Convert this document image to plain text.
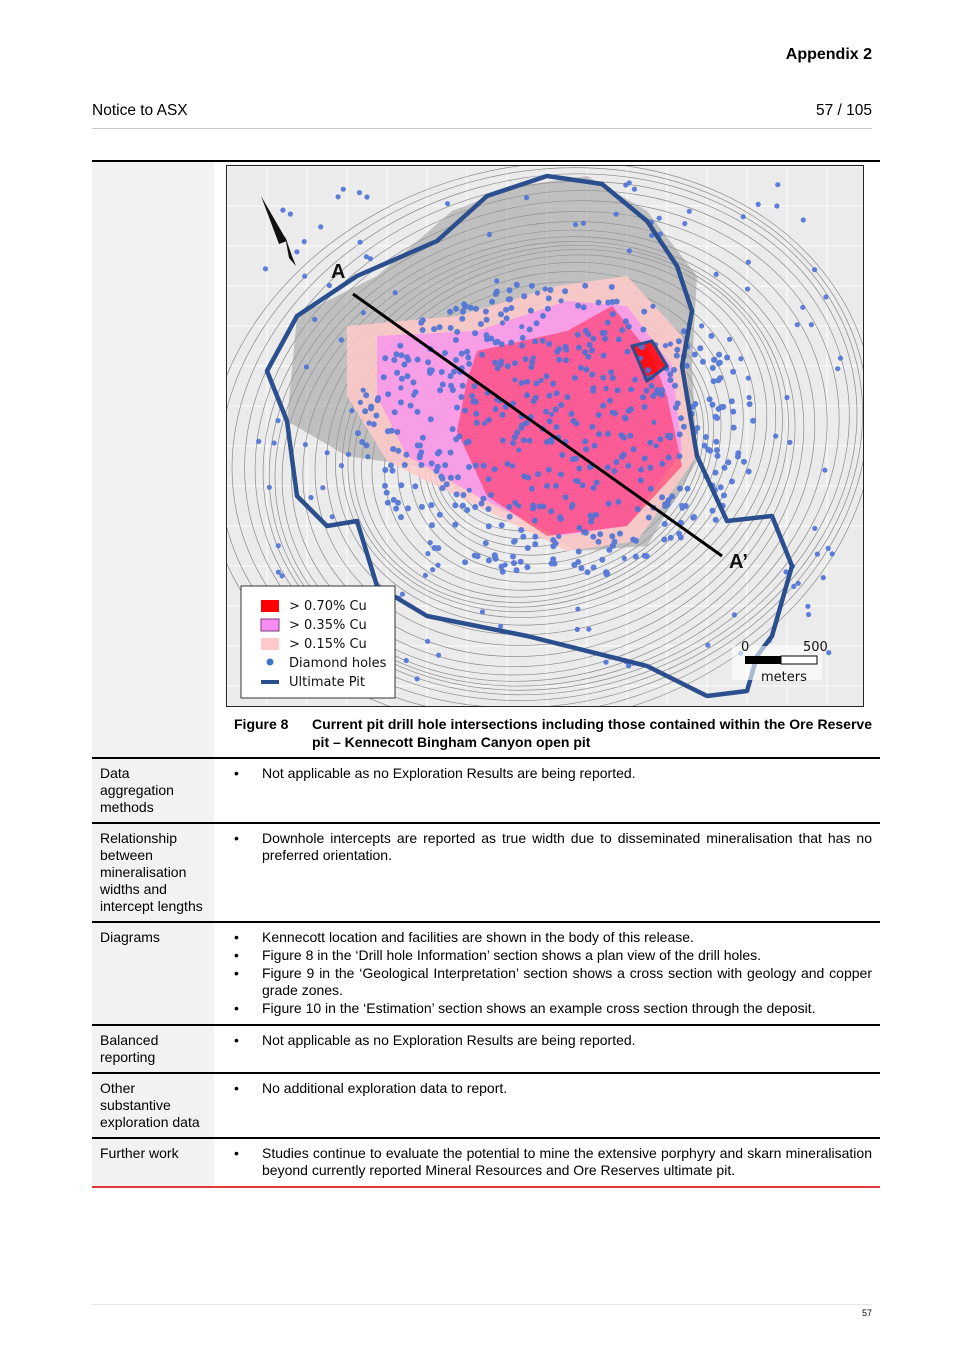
Appendix 2
Notice to ASX	57 / 105
A
A’
> 0.70% Cu
> 0.35% Cu
> 0.15% Cu
Diamond holes
Ultimate Pit
0	500
meters
Figure 8	Current pit drill hole intersections including those contained within the Ore Reserve pit – Kennecott Bingham Canyon open pit
Data aggregation methods
• Not applicable as no Exploration Results are being reported.
Relationship between mineralisation widths and intercept lengths
• Downhole intercepts are reported as true width due to disseminated mineralisation that has no preferred orientation.
Diagrams	• Kennecott location and facilities are shown in the body of this release.
• Figure 8 in the ‘Drill hole Information’ section shows a plan view of the drill holes.
• Figure 9 in the ‘Geological Interpretation’ section shows a cross section with geology and copper grade zones.
• Figure 10 in the ‘Estimation’ section shows an example cross section through the deposit.
Balanced reporting
• Not applicable as no Exploration Results are being reported.
Other substantive exploration data
• No additional exploration data to report.
Further work	• Studies continue to evaluate the potential to mine the extensive porphyry and skarn mineralisation beyond currently reported Mineral Resources and Ore Reserves ultimate pit.
57
